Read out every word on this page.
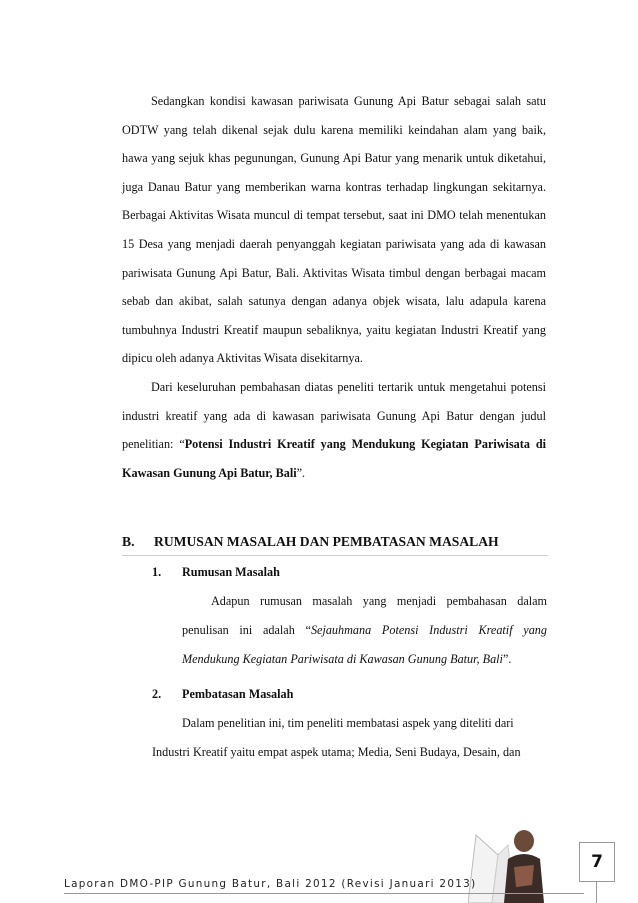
Sedangkan kondisi kawasan pariwisata Gunung Api Batur sebagai salah satu ODTW yang telah dikenal sejak dulu karena memiliki keindahan alam yang baik, hawa yang sejuk khas pegunungan, Gunung Api Batur yang menarik untuk diketahui, juga Danau Batur yang memberikan warna kontras terhadap lingkungan sekitarnya. Berbagai Aktivitas Wisata muncul di tempat tersebut, saat ini DMO telah menentukan 15 Desa yang menjadi daerah penyanggah kegiatan pariwisata yang ada di kawasan pariwisata Gunung Api Batur, Bali. Aktivitas Wisata timbul dengan berbagai macam sebab dan akibat, salah satunya dengan adanya objek wisata, lalu adapula karena tumbuhnya Industri Kreatif maupun sebaliknya, yaitu kegiatan Industri Kreatif yang dipicu oleh adanya Aktivitas Wisata disekitarnya.

Dari keseluruhan pembahasan diatas peneliti tertarik untuk mengetahui potensi industri kreatif yang ada di kawasan pariwisata Gunung Api Batur dengan judul penelitian: “Potensi Industri Kreatif yang Mendukung Kegiatan Pariwisata di Kawasan Gunung Api Batur, Bali”.

B. RUMUSAN MASALAH DAN PEMBATASAN MASALAH
1. Rumusan Masalah
Adapun rumusan masalah yang menjadi pembahasan dalam penulisan ini adalah “Sejauhmana Potensi Industri Kreatif yang Mendukung Kegiatan Pariwisata di Kawasan Gunung Batur, Bali”.
2. Pembatasan Masalah
Dalam penelitian ini, tim peneliti membatasi aspek yang diteliti dari
Industri Kreatif yaitu empat aspek utama; Media, Seni Budaya, Desain, dan
Laporan DMO-PIP Gunung Batur, Bali 2012 (Revisi Januari 2013)
7
